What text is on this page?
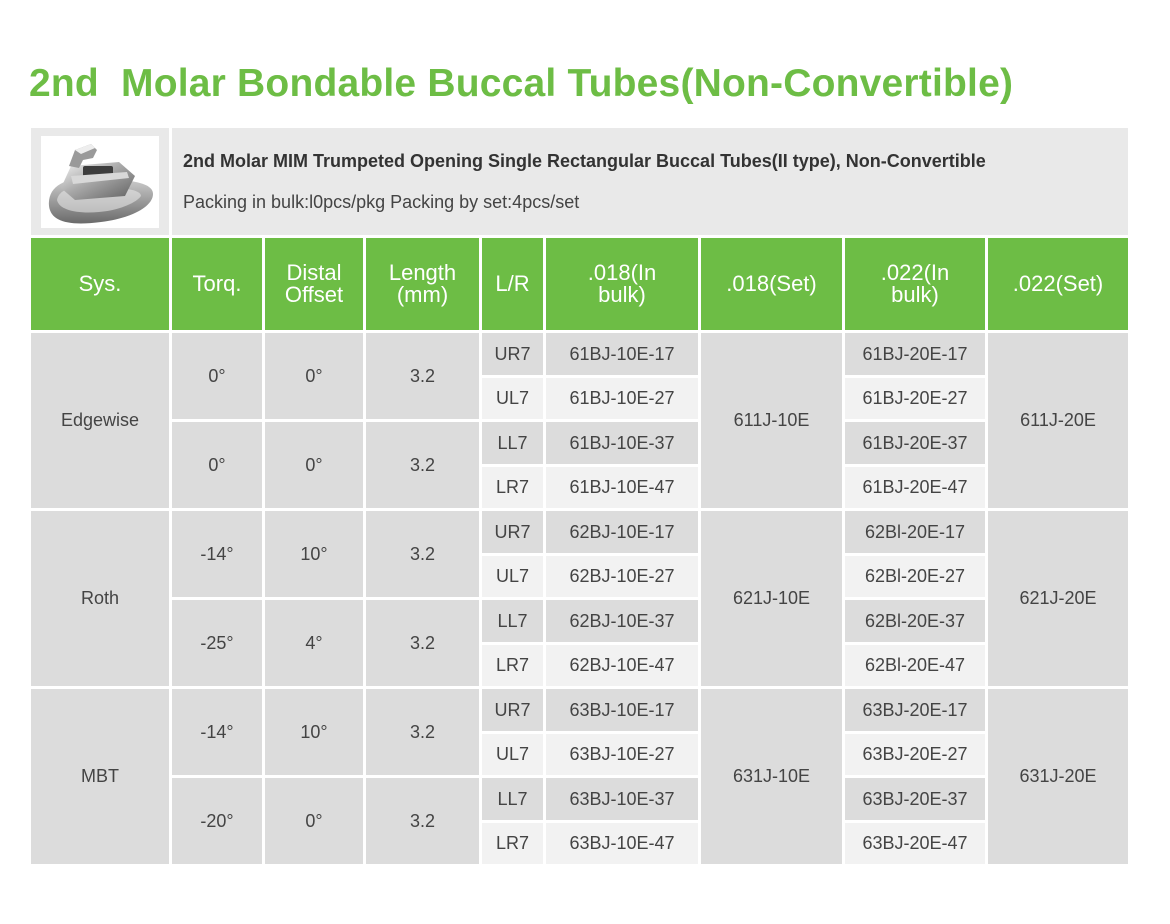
2nd  Molar Bondable Buccal Tubes(Non-Convertible)

2nd Molar MIM Trumpeted Opening Single Rectangular Buccal Tubes(II type), Non-Convertible
Packing in bulk:l0pcs/pkg Packing by set:4pcs/set							

Sys.	Torq.	Distal Offset	Length (mm)	L/R	.018(In bulk)	.018(Set)	.022(In bulk)	.022(Set)
Edgewise	0°	0°	3.2	UR7	61BJ-10E-17	611J-10E	61BJ-20E-17	611J-20E
				UL7	61BJ-10E-27		61BJ-20E-27	
	0°	0°	3.2	LL7	61BJ-10E-37		61BJ-20E-37	
				LR7	61BJ-10E-47		61BJ-20E-47	
Roth	-14°	10°	3.2	UR7	62BJ-10E-17	621J-10E	62Bl-20E-17	621J-20E
				UL7	62BJ-10E-27		62Bl-20E-27	
	-25°	4°	3.2	LL7	62BJ-10E-37		62Bl-20E-37	
				LR7	62BJ-10E-47		62Bl-20E-47	
MBT	-14°	10°	3.2	UR7	63BJ-10E-17	631J-10E	63BJ-20E-17	631J-20E
				UL7	63BJ-10E-27		63BJ-20E-27	
	-20°	0°	3.2	LL7	63BJ-10E-37		63BJ-20E-37	
				LR7	63BJ-10E-47		63BJ-20E-47	
